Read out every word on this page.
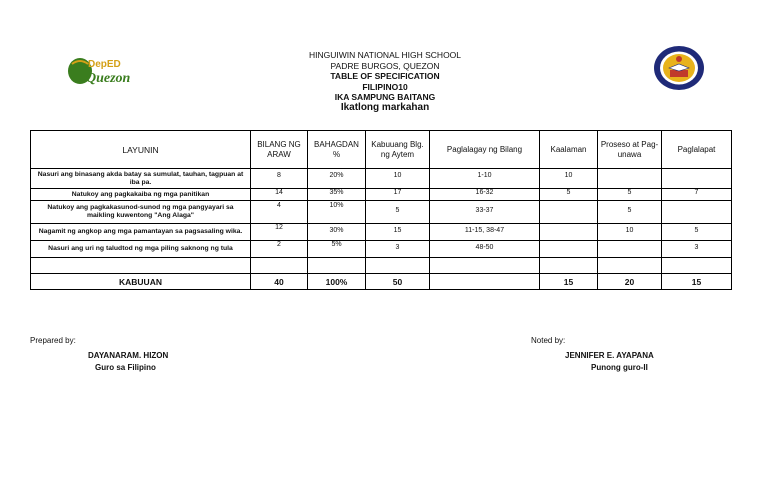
DepED
Quezon
HINGUIWIN NATIONAL HIGH SCHOOL
PADRE BURGOS, QUEZON
TABLE OF SPECIFICATION
FILIPINO10
IKA SAMPUNG BAITANG
Ikatlong markahan
LAYUNIN	BILANG NG ARAW	BAHAGDAN %	Kabuuang Blg. ng Aytem	Paglalagay ng Bilang	Kaalaman	Proseso at Pag-unawa	Paglalapat
Nasuri ang binasang akda batay sa sumulat, tauhan, tagpuan at iba pa.	8	20%	10	1-10	10		
Natukoy ang pagkakaiba ng mga panitikan	14	35%	17	16-32	5	5	7
Natukoy ang pagkakasunod-sunod ng mga pangyayari sa maikling kuwentong "Ang Alaga"	4	10%	5	33-37		5	
Nagamit ng angkop ang mga pamantayan sa pagsasaling wika.	12	30%	15	11-15, 38-47		10	5
Nasuri ang uri ng taludtod ng mga piling saknong ng tula	2	5%	3	48-50			3

KABUUAN	40	100%	50		15	20	15
Prepared by:
DAYANARAM. HIZON
Guro sa Filipino
Noted by:
JENNIFER E. AYAPANA
Punong guro-II
